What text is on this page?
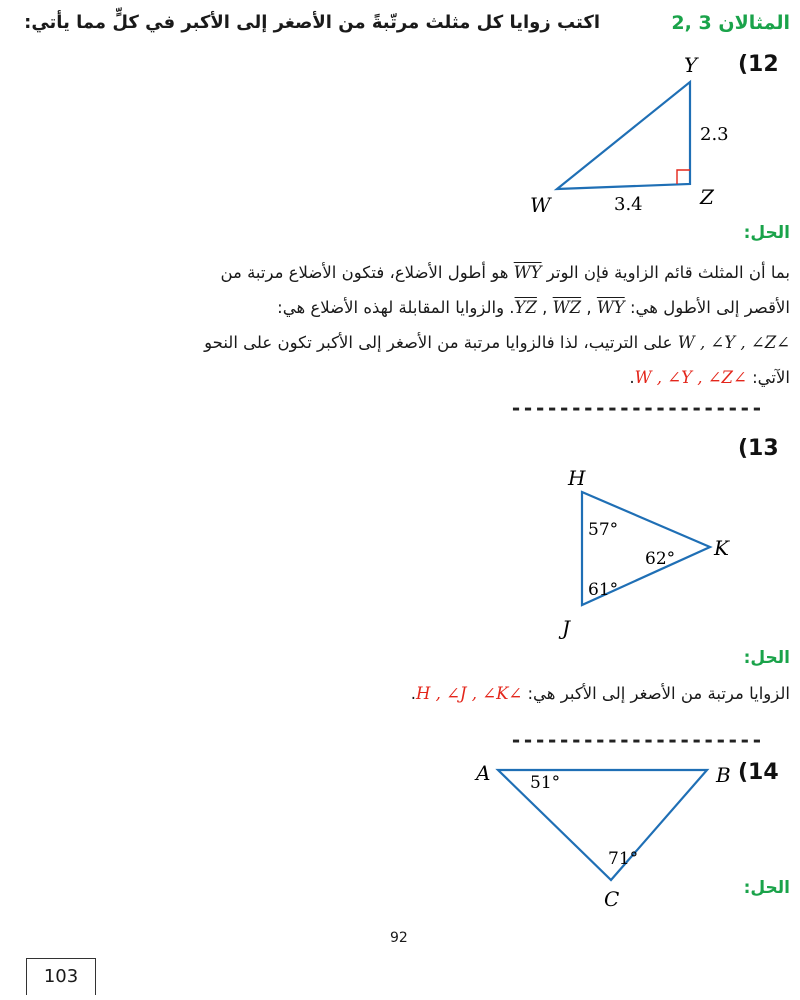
المثالان 3 ,2
اكتب زوايا كل مثلث مرتّبةً من الأصغر إلى الأكبر في كلٍّ مما يأتي:
(12
Y
W	Z
2.3
3.4
الحل:
بما أن المثلث قائم الزاوية فإن الوتر WY هو أطول الأضلاع، فتكون الأضلاع مرتبة من
الأقصر إلى الأطول هي: YZ , WZ , WY. والزوايا المقابلة لهذه الأضلاع هي:
∠W , ∠Y , ∠Z على الترتيب، لذا فالزوايا مرتبة من الأصغر إلى الأكبر تكون على النحو
الآتي: ∠W , ∠Y , ∠Z.
---------------------
(13
H
K
J
57°
62°
61°
الحل:
الزوايا مرتبة من الأصغر إلى الأكبر هي: ∠H , ∠J , ∠K.
---------------------
(14
A	B
C
51°
71°
الحل:
92
103
